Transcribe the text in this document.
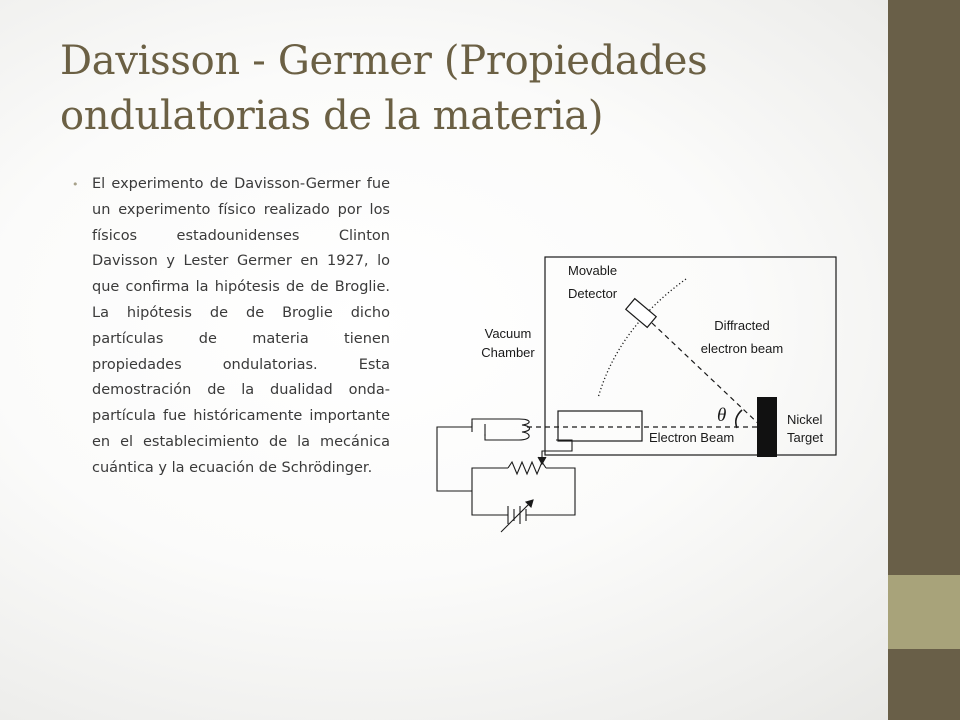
Davisson - Germer (Propiedades ondulatorias de la materia)
• El experimento de Davisson-Germer fue un experimento físico realizado por los físicos estadounidenses Clinton Davisson y Lester Germer en 1927, lo que confirma la hipótesis de de Broglie. La hipótesis de de Broglie dicho partículas de materia tienen propiedades ondulatorias. Esta demostración de la dualidad onda-partícula fue históricamente importante en el establecimiento de la mecánica cuántica y la ecuación de Schrödinger.
Movable
Detector
Vacuum
Chamber
Diffracted
electron beam
θ
Electron Beam
Nickel
Target
